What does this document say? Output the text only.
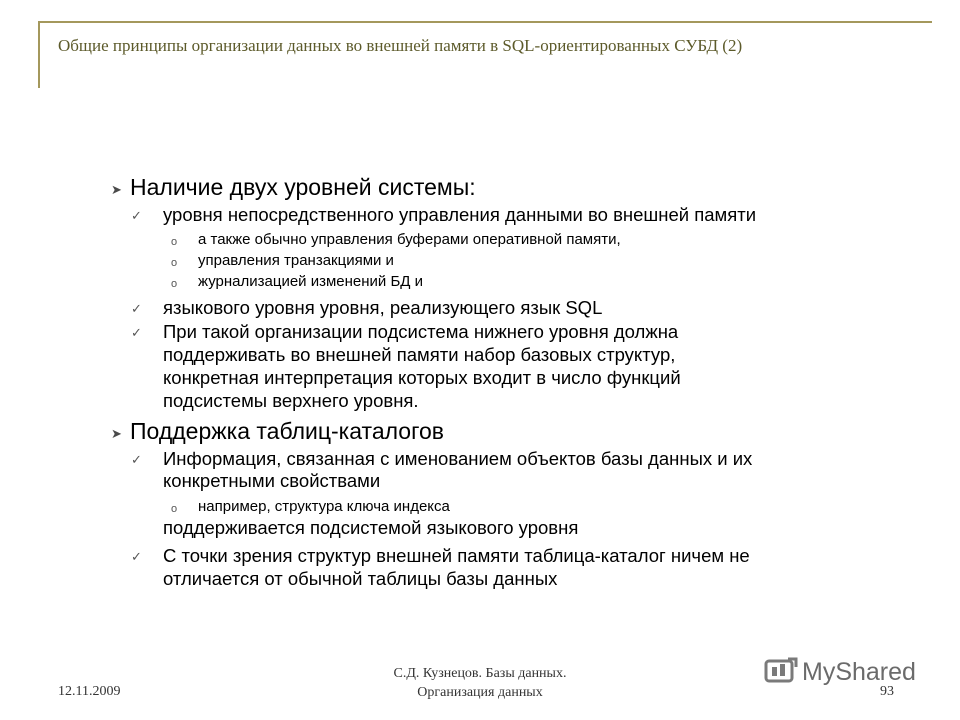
Общие принципы организации данных во внешней памяти в SQL-ориентированных СУБД (2)
➤ Наличие двух уровней системы:
✓ уровня непосредственного управления данными во внешней памяти
o а также обычно управления буферами оперативной памяти,
o управления транзакциями и
o журнализацией изменений БД и
✓ языкового уровня уровня, реализующего язык SQL
✓ При такой организации подсистема нижнего уровня должна
поддерживать во внешней памяти набор базовых структур,
конкретная интерпретация которых входит в число функций
подсистемы верхнего уровня.
➤ Поддержка таблиц-каталогов
✓ Информация, связанная с именованием объектов базы данных и их
конкретными свойствами
o например, структура ключа индекса
поддерживается подсистемой языкового уровня
✓ С точки зрения структур внешней памяти таблица-каталог ничем не
отличается от обычной таблицы базы данных
12.11.2009
С.Д. Кузнецов. Базы данных.
Организация данных	93
MyShared
